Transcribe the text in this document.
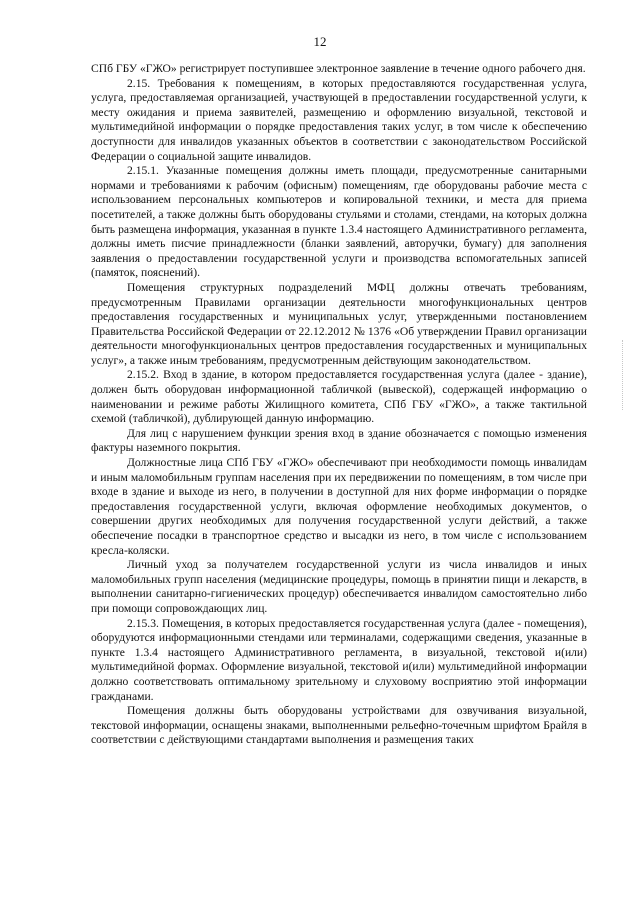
12

СПб ГБУ «ГЖО» регистрирует поступившее электронное заявление в течение одного рабочего дня.

2.15. Требования к помещениям, в которых предоставляются государственная услуга, услуга, предоставляемая организацией, участвующей в предоставлении государственной услуги, к месту ожидания и приема заявителей, размещению и оформлению визуальной, текстовой и мультимедийной информации о порядке предоставления таких услуг, в том числе к обеспечению доступности для инвалидов указанных объектов в соответствии с законодательством Российской Федерации о социальной защите инвалидов.

2.15.1. Указанные помещения должны иметь площади, предусмотренные санитарными нормами и требованиями к рабочим (офисным) помещениям, где оборудованы рабочие места с использованием персональных компьютеров и копировальной техники, и места для приема посетителей, а также должны быть оборудованы стульями и столами, стендами, на которых должна быть размещена информация, указанная в пункте 1.3.4 настоящего Административного регламента, должны иметь писчие принадлежности (бланки заявлений, авторучки, бумагу) для заполнения заявления о предоставлении государственной услуги и производства вспомогательных записей (памяток, пояснений).

Помещения структурных подразделений МФЦ должны отвечать требованиям, предусмотренным Правилами организации деятельности многофункциональных центров предоставления государственных и муниципальных услуг, утвержденными постановлением Правительства Российской Федерации от 22.12.2012 № 1376 «Об утверждении Правил организации деятельности многофункциональных центров предоставления государственных и муниципальных услуг», а также иным требованиям, предусмотренным действующим законодательством.

2.15.2. Вход в здание, в котором предоставляется государственная услуга (далее - здание), должен быть оборудован информационной табличкой (вывеской), содержащей информацию о наименовании и режиме работы Жилищного комитета, СПб ГБУ «ГЖО», а также тактильной схемой (табличкой), дублирующей данную информацию.

Для лиц с нарушением функции зрения вход в здание обозначается с помощью изменения фактуры наземного покрытия.

Должностные лица СПб ГБУ «ГЖО» обеспечивают при необходимости помощь инвалидам и иным маломобильным группам населения при их передвижении по помещениям, в том числе при входе в здание и выходе из него, в получении в доступной для них форме информации о порядке предоставления государственной услуги, включая оформление необходимых документов, о совершении других необходимых для получения государственной услуги действий, а также обеспечение посадки в транспортное средство и высадки из него, в том числе с использованием кресла-коляски.

Личный уход за получателем государственной услуги из числа инвалидов и иных маломобильных групп населения (медицинские процедуры, помощь в принятии пищи и лекарств, в выполнении санитарно-гигиенических процедур) обеспечивается инвалидом самостоятельно либо при помощи сопровождающих лиц.

2.15.3. Помещения, в которых предоставляется государственная услуга (далее - помещения), оборудуются информационными стендами или терминалами, содержащими сведения, указанные в пункте 1.3.4 настоящего Административного регламента, в визуальной, текстовой и(или) мультимедийной формах. Оформление визуальной, текстовой и(или) мультимедийной информации должно соответствовать оптимальному зрительному и слуховому восприятию этой информации гражданами.

Помещения должны быть оборудованы устройствами для озвучивания визуальной, текстовой информации, оснащены знаками, выполненными рельефно-точечным шрифтом Брайля в соответствии с действующими стандартами выполнения и размещения таких
